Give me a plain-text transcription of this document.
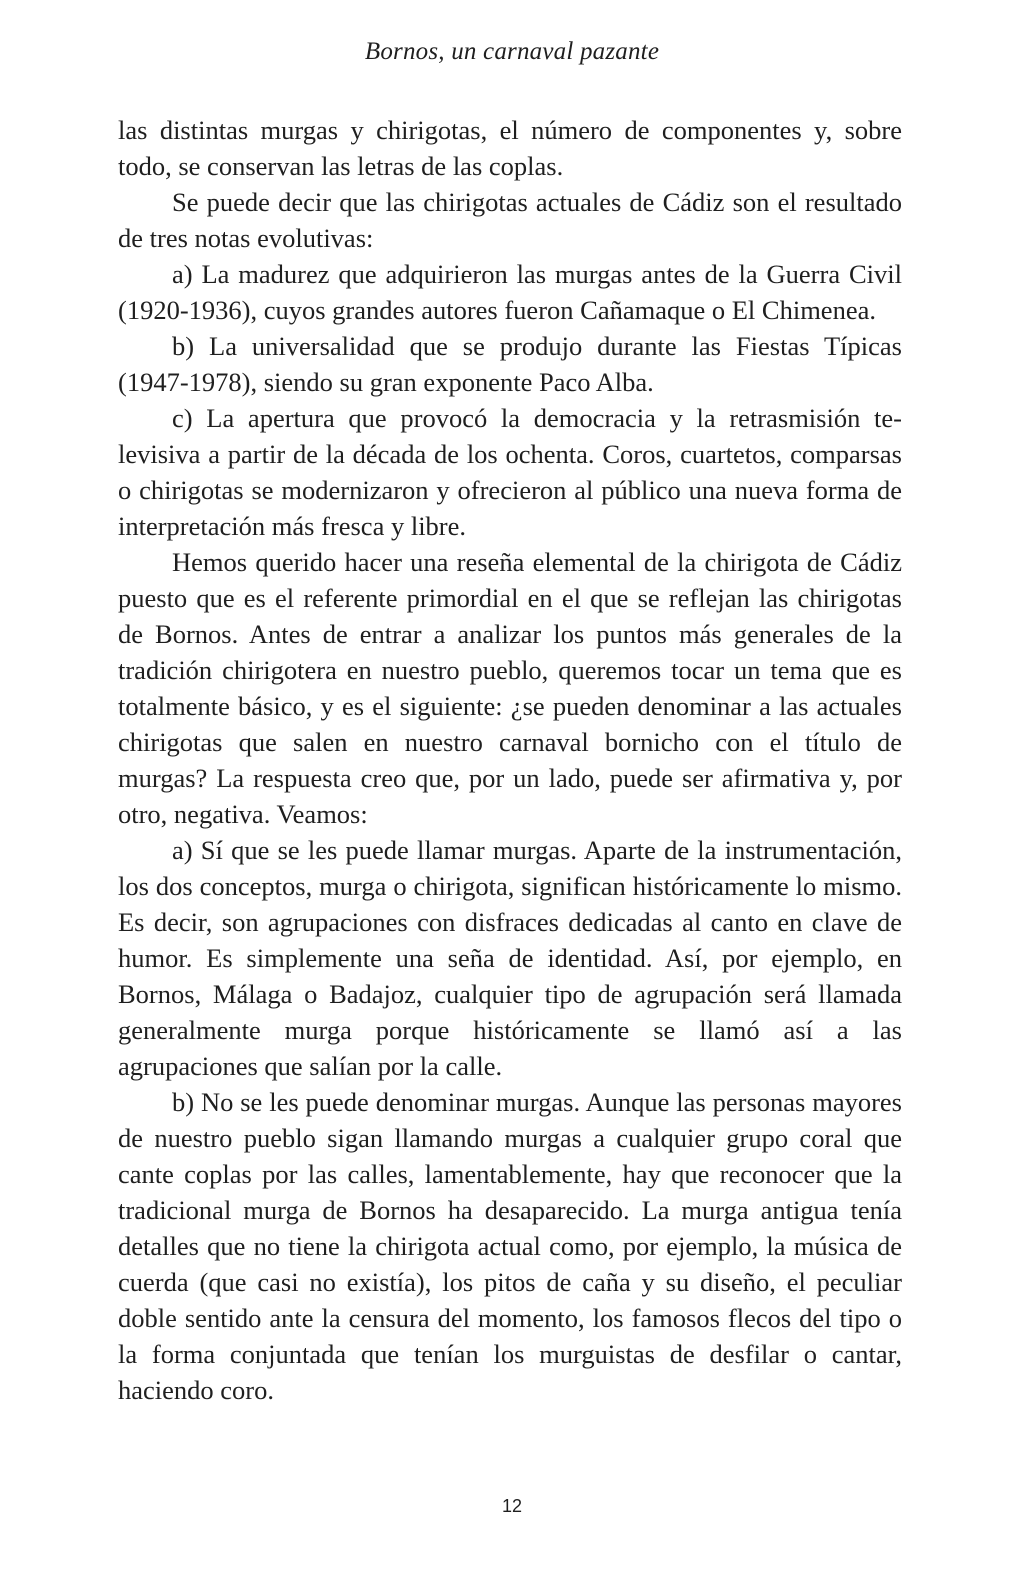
Bornos, un carnaval pazante

las distintas murgas y chirigotas, el número de componentes y, sobre todo, se conservan las letras de las coplas.

Se puede decir que las chirigotas actuales de Cádiz son el resultado de tres notas evolutivas:

a) La madurez que adquirieron las murgas antes de la Guerra Civil (1920-1936), cuyos grandes autores fueron Cañamaque o El Chimenea.

b) La universalidad que se produjo durante las Fiestas Típicas (1947-1978), siendo su gran exponente Paco Alba.

c) La apertura que provocó la democracia y la retrasmisión televisiva a partir de la década de los ochenta. Coros, cuartetos, comparsas o chirigotas se modernizaron y ofrecieron al público una nueva forma de interpretación más fresca y libre.

Hemos querido hacer una reseña elemental de la chirigota de Cádiz puesto que es el referente primordial en el que se reflejan las chirigotas de Bornos. Antes de entrar a analizar los puntos más generales de la tradición chirigotera en nuestro pueblo, queremos tocar un tema que es totalmente básico, y es el siguiente: ¿se pueden denominar a las actuales chirigotas que salen en nuestro carnaval bornicho con el título de murgas? La respuesta creo que, por un lado, puede ser afirmativa y, por otro, negativa. Veamos:

a) Sí que se les puede llamar murgas. Aparte de la instrumentación, los dos conceptos, murga o chirigota, significan históricamente lo mismo. Es decir, son agrupaciones con disfraces dedicadas al canto en clave de humor. Es simplemente una seña de identidad. Así, por ejemplo, en Bornos, Málaga o Badajoz, cualquier tipo de agrupación será llamada generalmente murga porque históricamente se llamó así a las agrupaciones que salían por la calle.

b) No se les puede denominar murgas. Aunque las personas mayores de nuestro pueblo sigan llamando murgas a cualquier grupo coral que cante coplas por las calles, lamentablemente, hay que reconocer que la tradicional murga de Bornos ha desaparecido. La murga antigua tenía detalles que no tiene la chirigota actual como, por ejemplo, la música de cuerda (que casi no existía), los pitos de caña y su diseño, el peculiar doble sentido ante la censura del momento, los famosos flecos del tipo o la forma conjuntada que tenían los murguistas de desfilar o cantar, haciendo coro.

12
